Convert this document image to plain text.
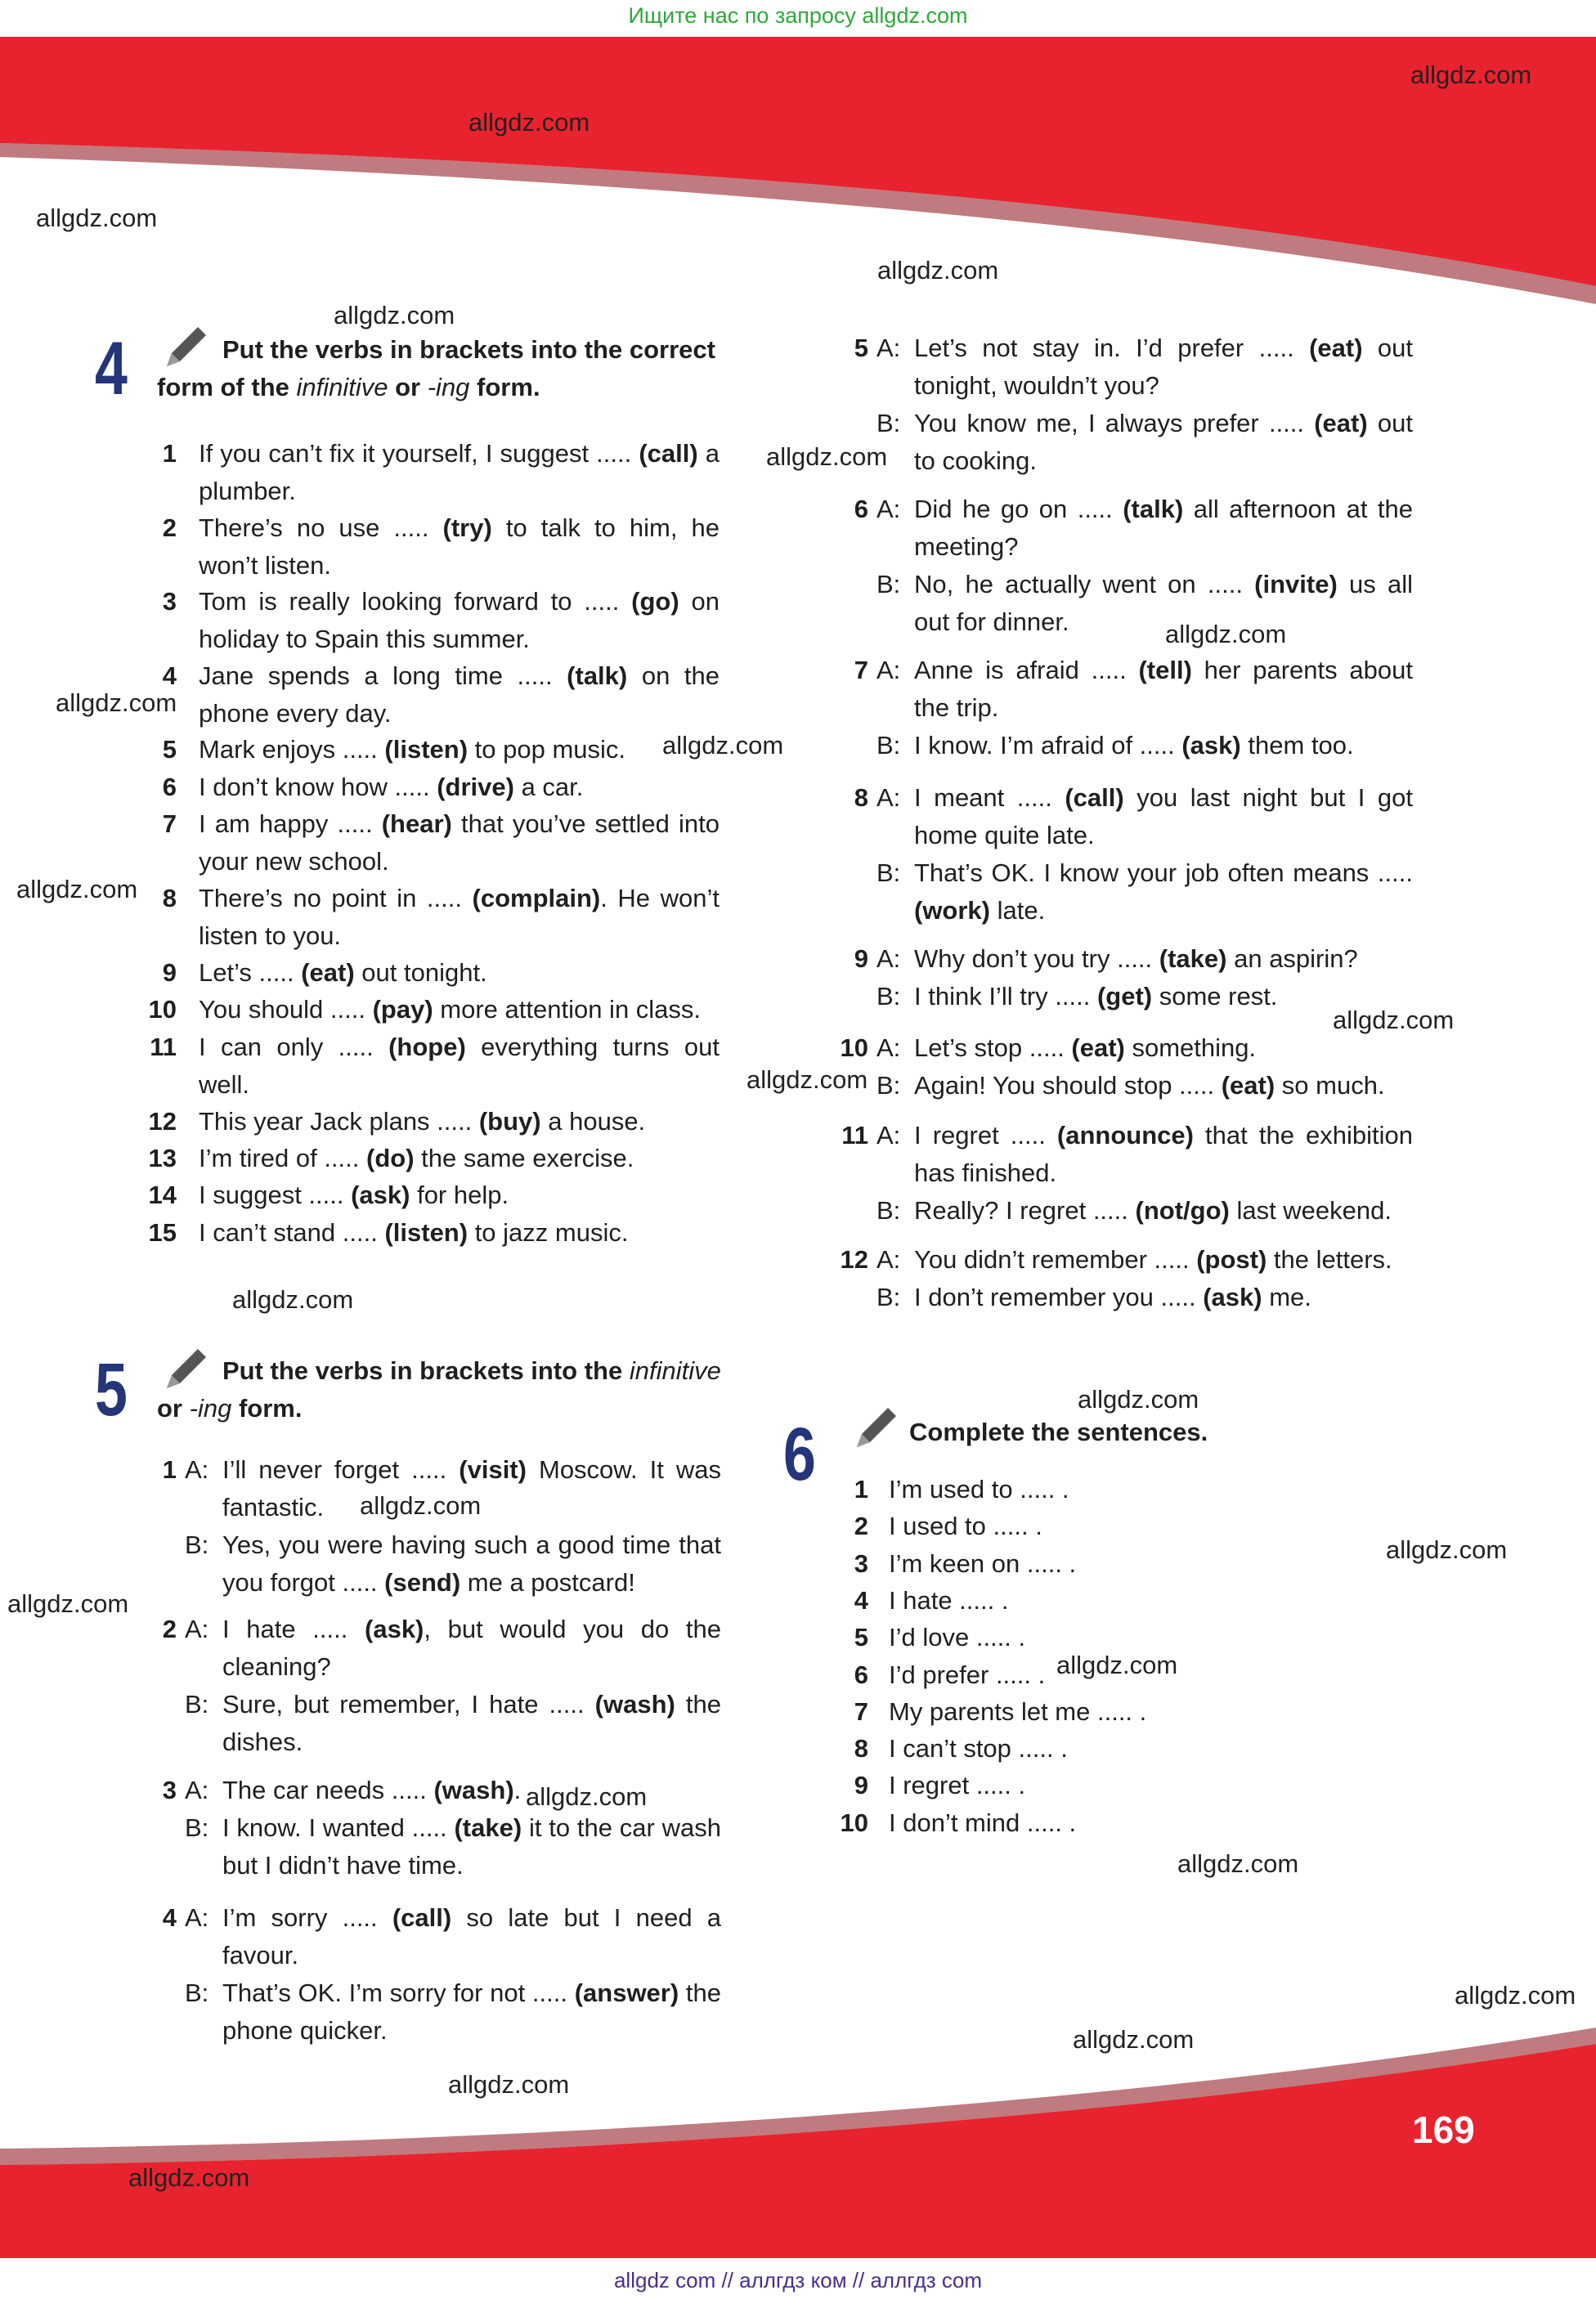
Ищите нас по запросу allgdz.com
allgdz.com
allgdz.com
allgdz.com
allgdz.com
allgdz.com
allgdz.com
allgdz.com
allgdz.com
allgdz.com
allgdz.com
allgdz.com
allgdz.com
allgdz.com
allgdz.com
allgdz.com
allgdz.com
allgdz.com
allgdz.com
allgdz.com
allgdz.com
allgdz.com
allgdz.com
allgdz.com
allgdz.com
4	Put the verbs in brackets into the correct form of the infinitive or -ing form.
1 If you can’t fix it yourself, I suggest ..... (call) a plumber.
2 There’s no use ..... (try) to talk to him, he won’t listen.
3 Tom is really looking forward to ..... (go) on holiday to Spain this summer.
4 Jane spends a long time ..... (talk) on the phone every day.
5 Mark enjoys ..... (listen) to pop music.
6 I don’t know how ..... (drive) a car.
7 I am happy ..... (hear) that you’ve settled into your new school.
8 There’s no point in ..... (complain). He won’t listen to you.
9 Let’s ..... (eat) out tonight.
10 You should ..... (pay) more attention in class.
11 I can only ..... (hope) everything turns out well.
12 This year Jack plans ..... (buy) a house.
13 I’m tired of ..... (do) the same exercise.
14 I suggest ..... (ask) for help.
15 I can’t stand ..... (listen) to jazz music.
5 A: Let’s not stay in. I’d prefer ..... (eat) out tonight, wouldn’t you?
B: You know me, I always prefer ..... (eat) out to cooking.
6 A: Did he go on ..... (talk) all afternoon at the meeting?
B: No, he actually went on ..... (invite) us all out for dinner.
7 A: Anne is afraid ..... (tell) her parents about the trip.
B: I know. I’m afraid of ..... (ask) them too.
8 A: I meant ..... (call) you last night but I got home quite late.
B: That’s OK. I know your job often means ..... (work) late.
9 A: Why don’t you try ..... (take) an aspirin?
B: I think I’ll try ..... (get) some rest.
10 A: Let’s stop ..... (eat) something.
B: Again! You should stop ..... (eat) so much.
11 A: I regret ..... (announce) that the exhibition has finished.
B: Really? I regret ..... (not/go) last weekend.
12 A: You didn’t remember ..... (post) the letters.
B: I don’t remember you ..... (ask) me.
5	Put the verbs in brackets into the infinitive or -ing form.
1 A: I’ll never forget ..... (visit) Moscow. It was fantastic.
B: Yes, you were having such a good time that you forgot ..... (send) me a postcard!
2 A: I hate ..... (ask), but would you do the cleaning?
B: Sure, but remember, I hate ..... (wash) the dishes.
3 A: The car needs ..... (wash).
B: I know. I wanted ..... (take) it to the car wash but I didn’t have time.
4 A: I’m sorry ..... (call) so late but I need a favour.
B: That’s OK. I’m sorry for not ..... (answer) the phone quicker.
6	Complete the sentences.
1 I’m used to ..... .
2 I used to ..... .
3 I’m keen on ..... .
4 I hate ..... .
5 I’d love ..... .
6 I’d prefer ..... .
7 My parents let me ..... .
8 I can’t stop ..... .
9 I regret ..... .
10 I don’t mind ..... .
169
allgdz com // аллгдз ком // аллгдз com
